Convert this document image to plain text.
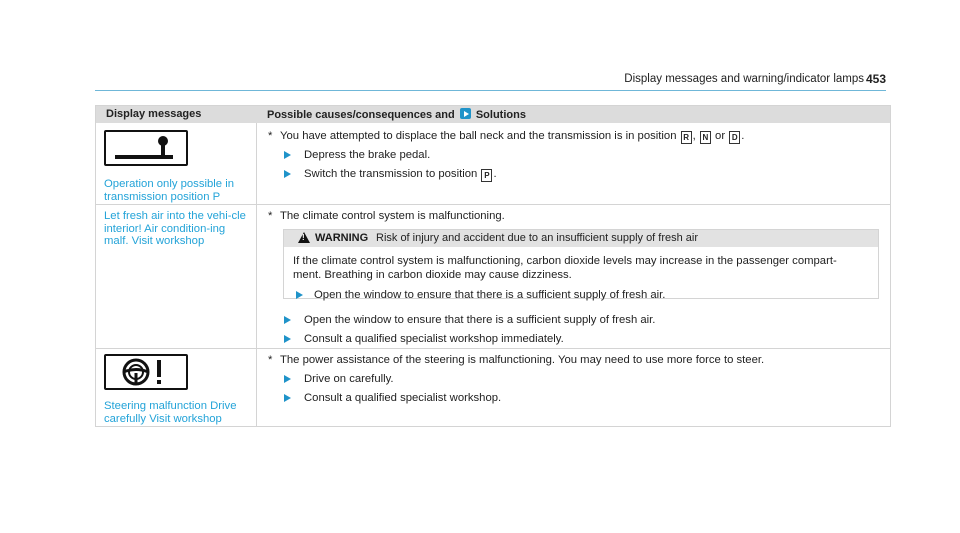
Display messages and warning/indicator lamps 453
Display messages	Possible causes/consequences and Solutions
Operation only possible in transmission position P
* You have attempted to displace the ball neck and the transmission is in position R , N or D .
Depress the brake pedal.
Switch the transmission to position P .
Let fresh air into the vehi-cle interior! Air condition-ing malf. Visit workshop
* The climate control system is malfunctioning.
!
WARNING Risk of injury and accident due to an insufficient supply of fresh air
If the climate control system is malfunctioning, carbon dioxide levels may increase in the passenger compart-
ment. Breathing in carbon dioxide may cause dizziness.
Open the window to ensure that there is a sufficient supply of fresh air.
Open the window to ensure that there is a sufficient supply of fresh air.
Consult a qualified specialist workshop immediately.
Steering malfunction Drive carefully Visit workshop
* The power assistance of the steering is malfunctioning. You may need to use more force to steer.
Drive on carefully.
Consult a qualified specialist workshop.
